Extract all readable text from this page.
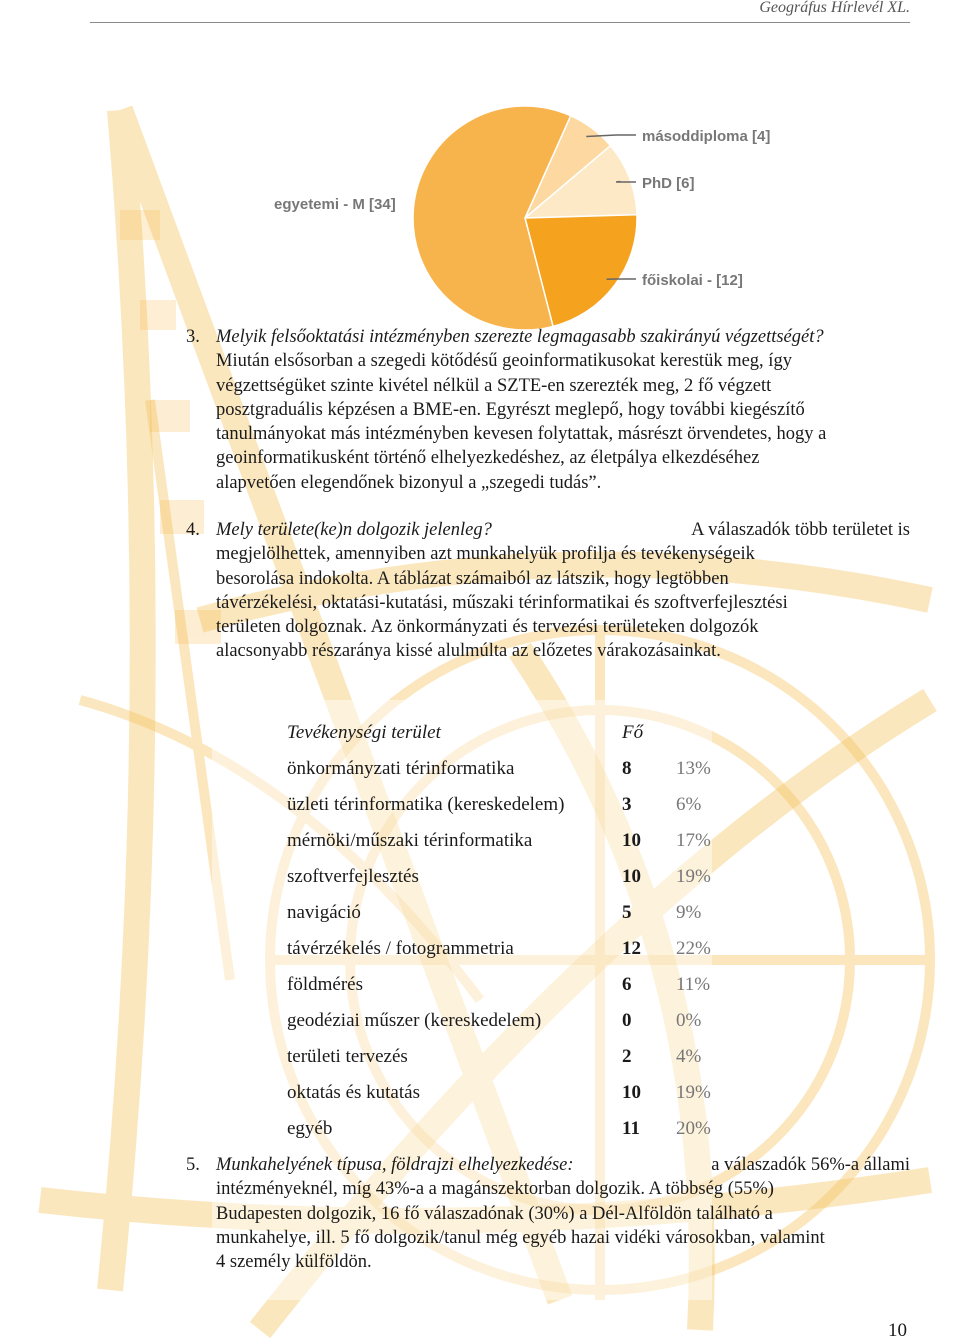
Geográfus Hírlevél XL.
egyetemi - M [34]
másoddiploma [4]
PhD [6]
főiskolai - [12]
3. Melyik felsőoktatási intézményben szerezte legmagasabb szakirányú végzettségét?
Miután elsősorban a szegedi kötődésű geoinformatikusokat kerestük meg, így
végzettségüket szinte kivétel nélkül a SZTE-en szerezték meg, 2 fő végzett
posztgraduális képzésen a BME-en. Egyrészt meglepő, hogy további kiegészítő
tanulmányokat más intézményben kevesen folytattak, másrészt örvendetes, hogy a
geoinformatikusként történő elhelyezkedéshez, az életpálya elkezdéséhez
alapvetően elegendőnek bizonyul a „szegedi tudás”.
4. Mely területe(ke)n dolgozik jelenleg?	A válaszadók több területet is
megjelölhettek, amennyiben azt munkahelyük profilja és tevékenységeik
besorolása indokolta. A táblázat számaiból az látszik, hogy legtöbben
távérzékelési, oktatási-kutatási, műszaki térinformatikai és szoftverfejlesztési
területen dolgoznak. Az önkormányzati és tervezési területeken dolgozók
alacsonyabb részaránya kissé alulmúlta az előzetes várakozásainkat.
Tevékenységi terület	Fő
önkormányzati térinformatika	8 13%
üzleti térinformatika (kereskedelem)	3 6%
mérnöki/műszaki térinformatika	10 17%
szoftverfejlesztés	10 19%
navigáció	5 9%
távérzékelés / fotogrammetria	12 22%
földmérés	6 11%
geodéziai műszer (kereskedelem)	0 0%
területi tervezés	2 4%
oktatás és kutatás	10 19%
egyéb	11 20%
5. Munkahelyének típusa, földrajzi elhelyezkedése:	a válaszadók 56%-a állami
intézményeknél, míg 43%-a a magánszektorban dolgozik. A többség (55%)
Budapesten dolgozik, 16 fő válaszadónak (30%) a Dél-Alföldön található a
munkahelye, ill. 5 fő dolgozik/tanul még egyéb hazai vidéki városokban, valamint
4 személy külföldön.
10
